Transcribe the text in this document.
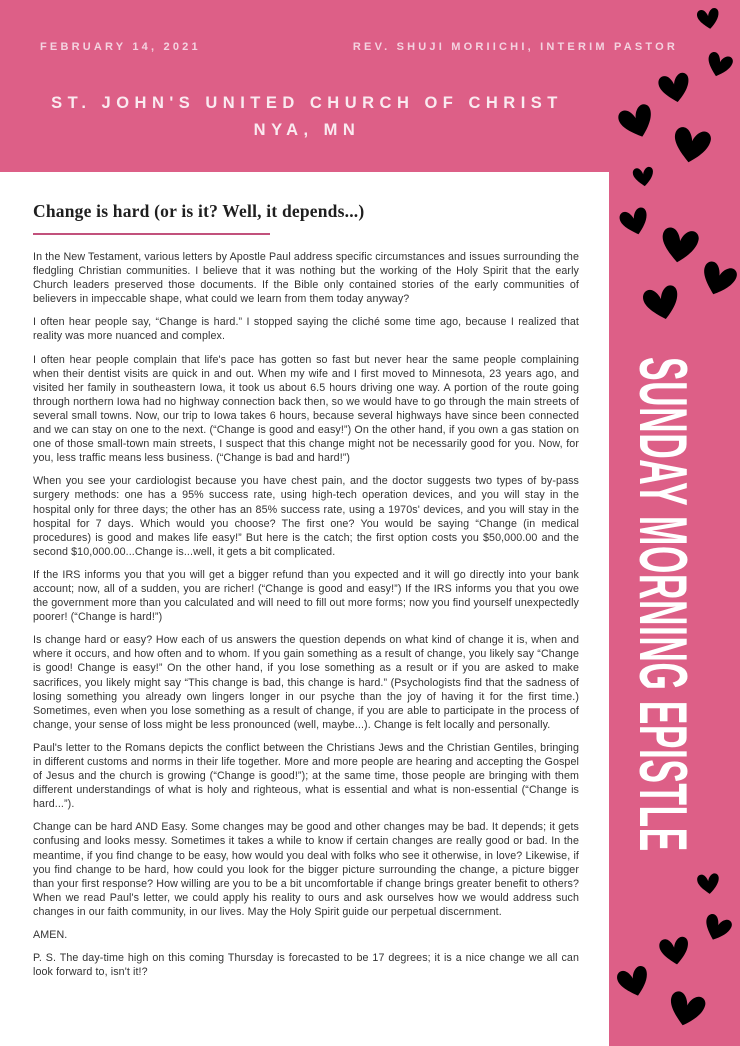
FEBRUARY 14, 2021	REV. SHUJI MORIICHI, INTERIM PASTOR
ST. JOHN'S UNITED CHURCH OF CHRIST
NYA, MN
SUNDAY MORNING EPISTLE
Change is hard (or is it? Well, it depends...)

In the New Testament, various letters by Apostle Paul address specific circumstances and issues surrounding the fledgling Christian communities. I believe that it was nothing but the working of the Holy Spirit that the early Church leaders preserved those documents. If the Bible only contained stories of the early communities of believers in impeccable shape, what could we learn from them today anyway?

I often hear people say, “Change is hard.” I stopped saying the cliché some time ago, because I realized that reality was more nuanced and complex.

I often hear people complain that life's pace has gotten so fast but never hear the same people complaining when their dentist visits are quick in and out. When my wife and I first moved to Minnesota, 23 years ago, and visited her family in southeastern Iowa, it took us about 6.5 hours driving one way. A portion of the route going through northern Iowa had no highway connection back then, so we would have to go through the main streets of several small towns. Now, our trip to Iowa takes 6 hours, because several highways have since been connected and we can stay on one to the next. (“Change is good and easy!”) On the other hand, if you own a gas station on one of those small-town main streets, I suspect that this change might not be necessarily good for you. Now, for you, less traffic means less business. (“Change is bad and hard!”)

When you see your cardiologist because you have chest pain, and the doctor suggests two types of by-pass surgery methods: one has a 95% success rate, using high-tech operation devices, and you will stay in the hospital only for three days; the other has an 85% success rate, using a 1970s' devices, and you will stay in the hospital for 7 days. Which would you choose? The first one? You would be saying “Change (in medical procedures) is good and makes life easy!” But here is the catch; the first option costs you $50,000.00 and the second $10,000.00...Change is...well, it gets a bit complicated.

If the IRS informs you that you will get a bigger refund than you expected and it will go directly into your bank account; now, all of a sudden, you are richer! (“Change is good and easy!”) If the IRS informs you that you owe the government more than you calculated and will need to fill out more forms; now you find yourself unexpectedly poorer! (“Change is hard!”)

Is change hard or easy? How each of us answers the question depends on what kind of change it is, when and where it occurs, and how often and to whom. If you gain something as a result of change, you likely say “Change is good! Change is easy!” On the other hand, if you lose something as a result or if you are asked to make sacrifices, you likely might say “This change is bad, this change is hard.” (Psychologists find that the sadness of losing something you already own lingers longer in our psyche than the joy of having it for the first time.) Sometimes, even when you lose something as a result of change, if you are able to participate in the process of change, your sense of loss might be less pronounced (well, maybe...). Change is felt locally and personally.

Paul's letter to the Romans depicts the conflict between the Christians Jews and the Christian Gentiles, bringing in different customs and norms in their life together. More and more people are hearing and accepting the Gospel of Jesus and the church is growing (“Change is good!”); at the same time, those people are bringing with them different understandings of what is holy and righteous, what is essential and what is non-essential (“Change is hard...”).

Change can be hard AND Easy. Some changes may be good and other changes may be bad. It depends; it gets confusing and looks messy. Sometimes it takes a while to know if certain changes are really good or bad. In the meantime, if you find change to be easy, how would you deal with folks who see it otherwise, in love? Likewise, if you find change to be hard, how could you look for the bigger picture surrounding the change, a picture bigger than your first response? How willing are you to be a bit uncomfortable if change brings greater benefit to others? When we read Paul's letter, we could apply his reality to ours and ask ourselves how we would address such changes in our faith community, in our lives. May the Holy Spirit guide our perpetual discernment.

AMEN.

P. S. The day-time high on this coming Thursday is forecasted to be 17 degrees; it is a nice change we all can look forward to, isn't it!?
